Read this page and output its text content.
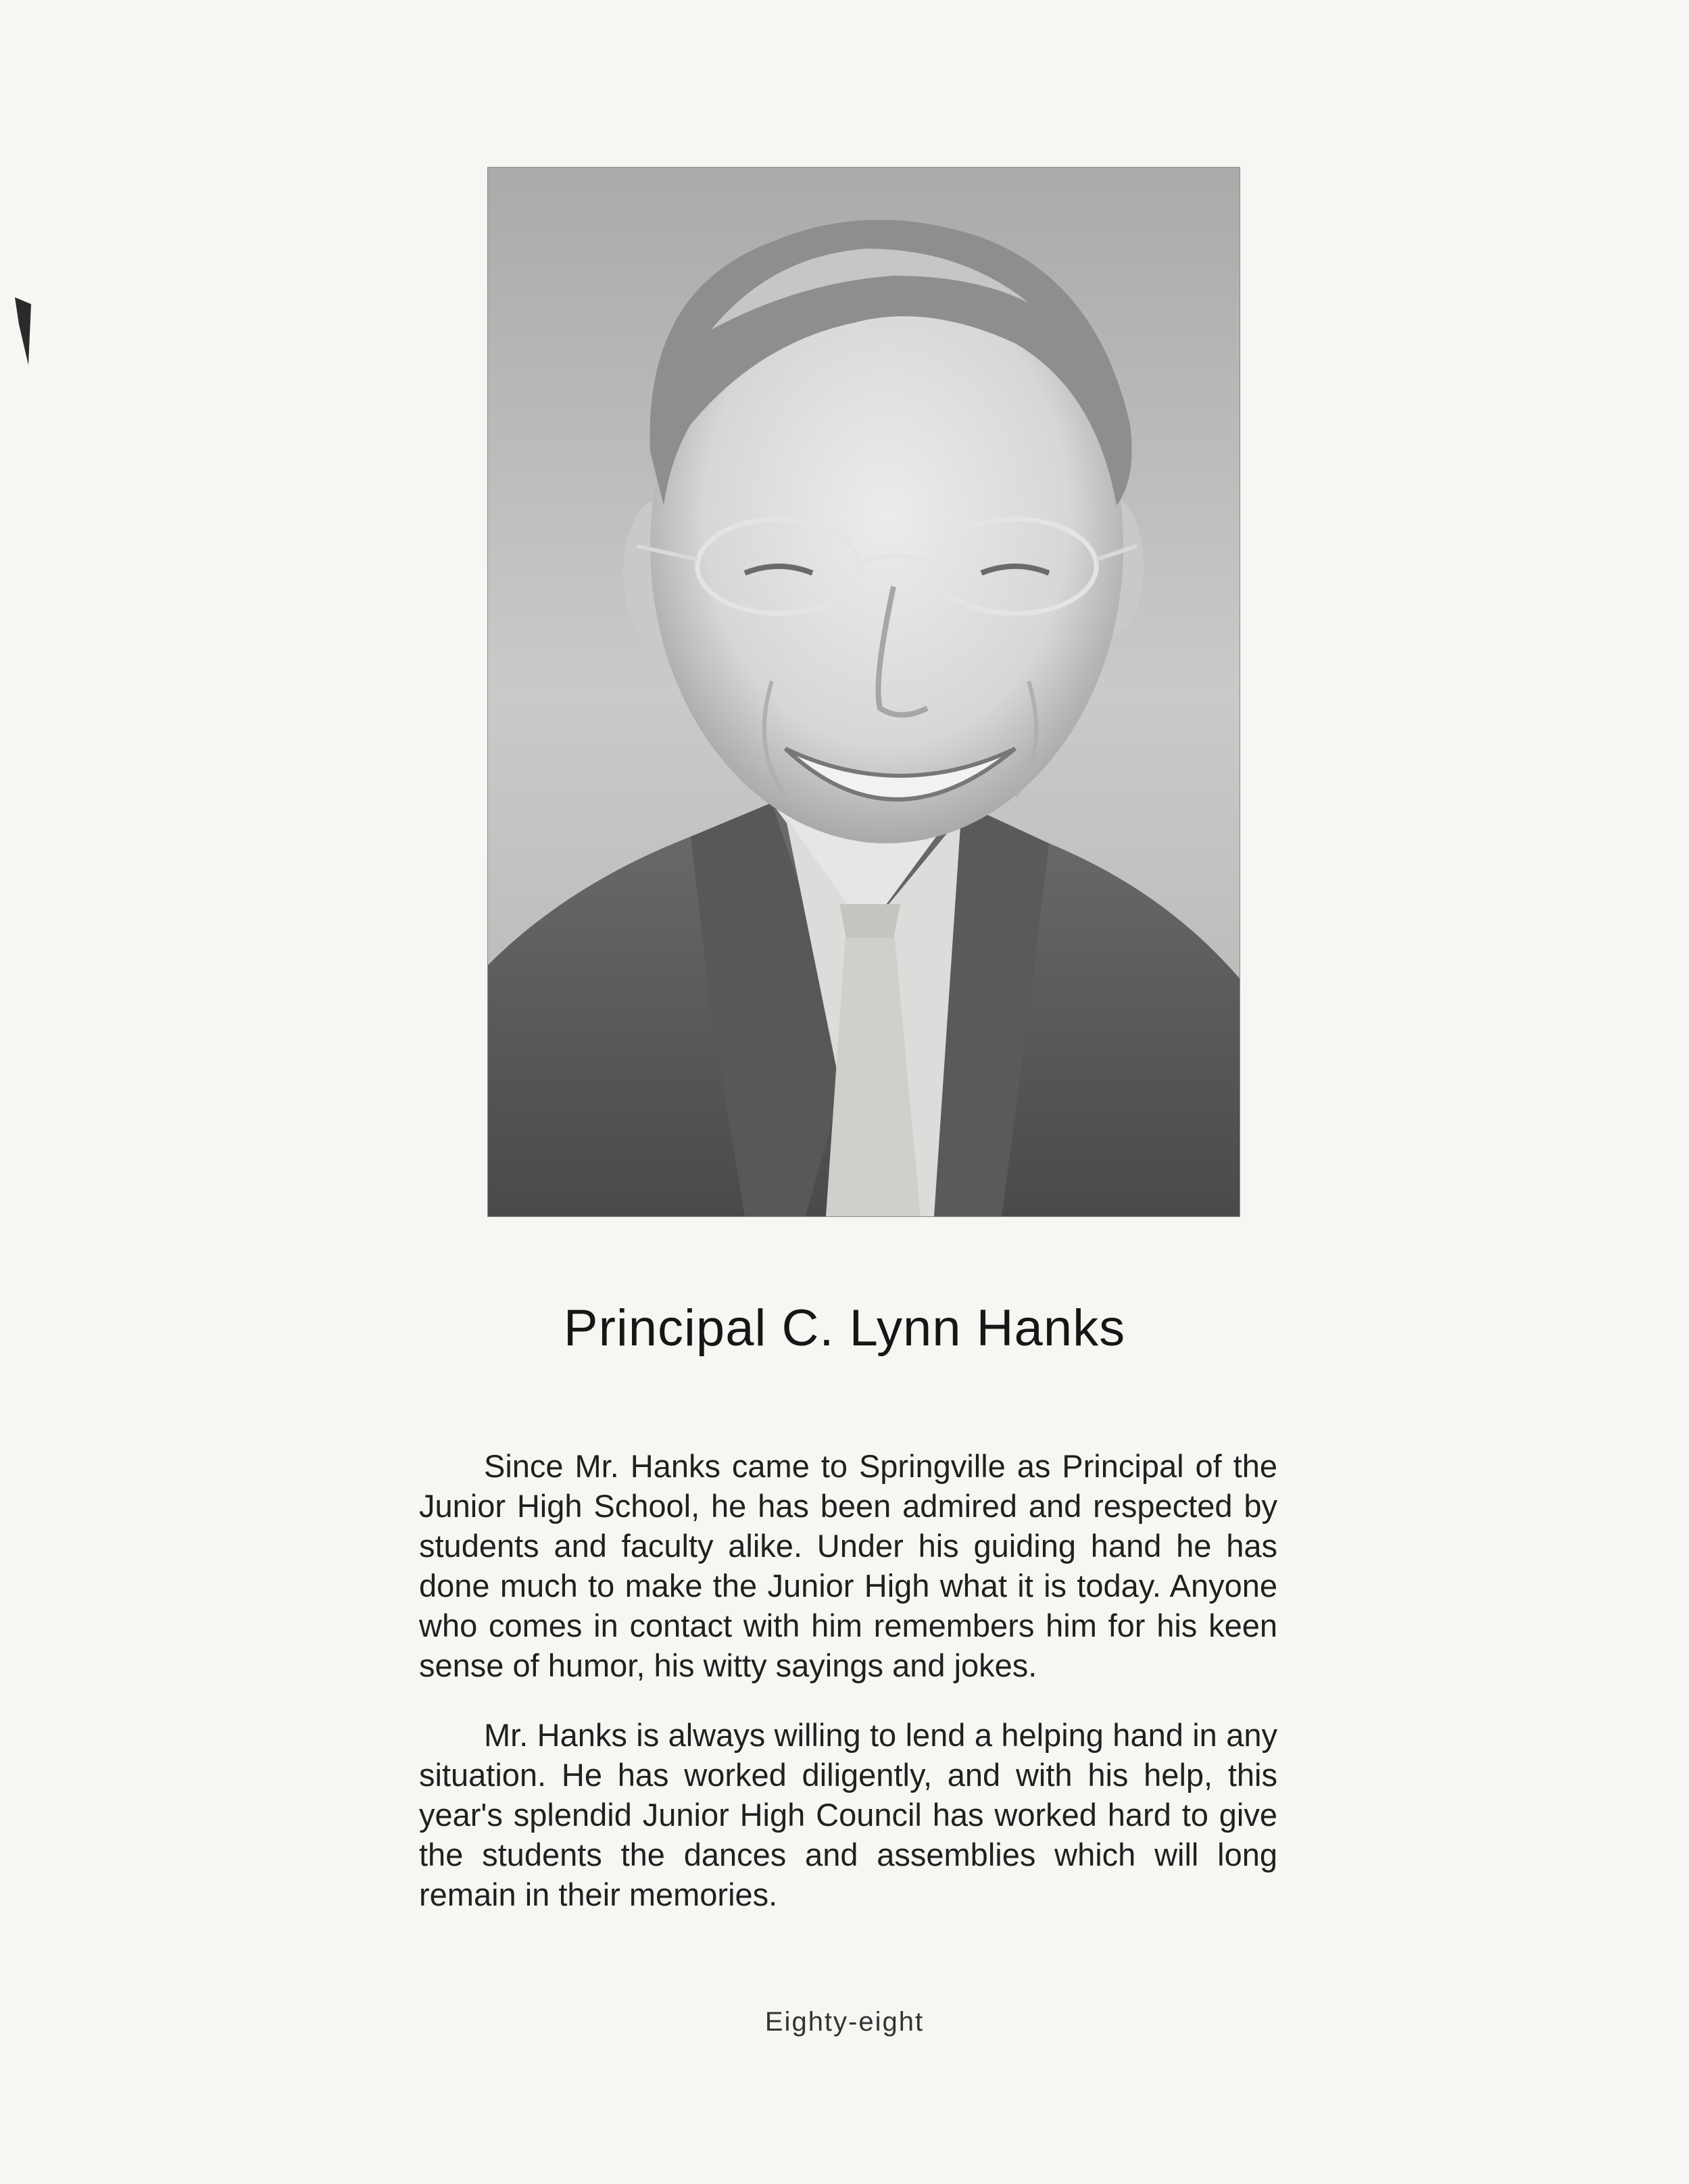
Principal C. Lynn Hanks

Since Mr. Hanks came to Springville as Principal of the Junior High School, he has been admired and respected by students and faculty alike. Under his guiding hand he has done much to make the Junior High what it is today. Anyone who comes in contact with him remembers him for his keen sense of humor, his witty sayings and jokes.

Mr. Hanks is always willing to lend a helping hand in any situation. He has worked diligently, and with his help, this year's splendid Junior High Council has worked hard to give the students the dances and assemblies which will long remain in their memories.

Eighty-eight
